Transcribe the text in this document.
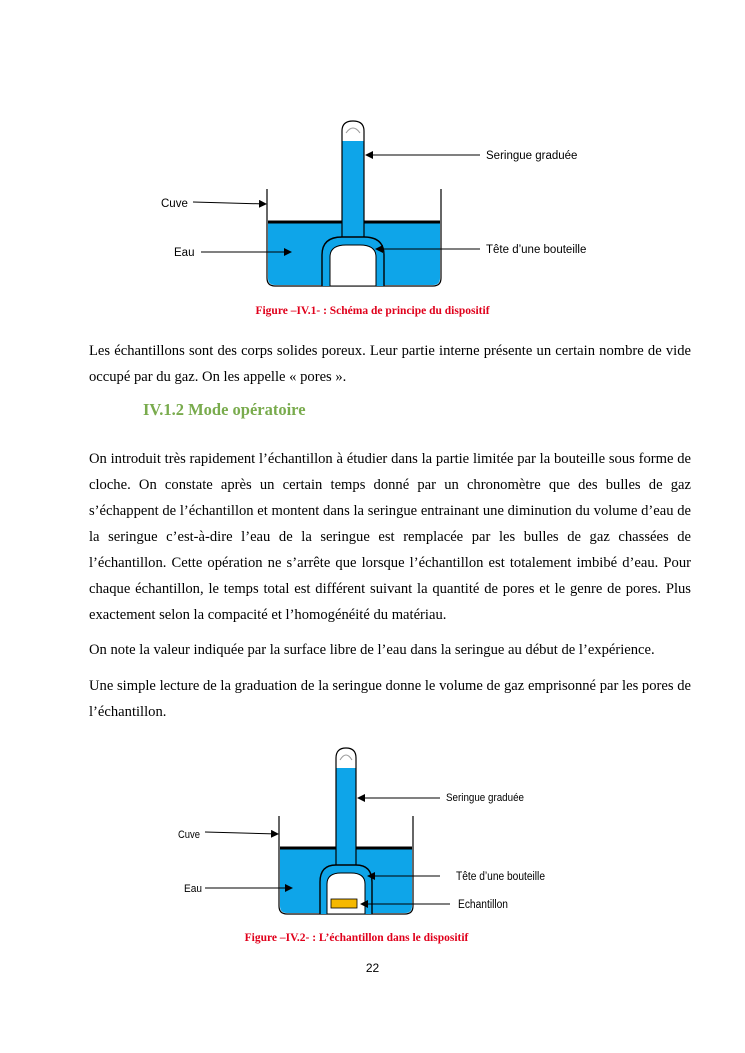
Seringue graduée
Cuve
Eau	Tête d’une bouteille
Figure –IV.1- : Schéma de principe du dispositif

Les échantillons sont des corps solides poreux. Leur partie interne présente un certain nombre de vide occupé par du gaz. On les appelle « pores ».

IV.1.2 Mode opératoire

On introduit très rapidement l’échantillon à étudier dans la partie limitée par la bouteille sous forme de cloche. On constate après un certain temps donné par un chronomètre que des bulles de gaz s’échappent de l’échantillon et montent dans la seringue entrainant une diminution du volume d’eau de la seringue c’est-à-dire l’eau de la seringue est remplacée par les bulles de gaz chassées de l’échantillon. Cette opération ne s’arrête que lorsque l’échantillon est totalement imbibé d’eau. Pour chaque échantillon, le temps total est différent suivant la quantité de pores et le genre de pores. Plus exactement selon la compacité et l’homogénéité du matériau.

On note la valeur indiquée par la surface libre de l’eau dans la seringue au début de l’expérience.

Une simple lecture de la graduation de la seringue donne le volume de gaz emprisonné par les pores de l’échantillon.

Seringue graduée
Cuve
Eau
Tête d’une bouteille
Echantillon
Figure –IV.2- : L’échantillon dans le dispositif
22
